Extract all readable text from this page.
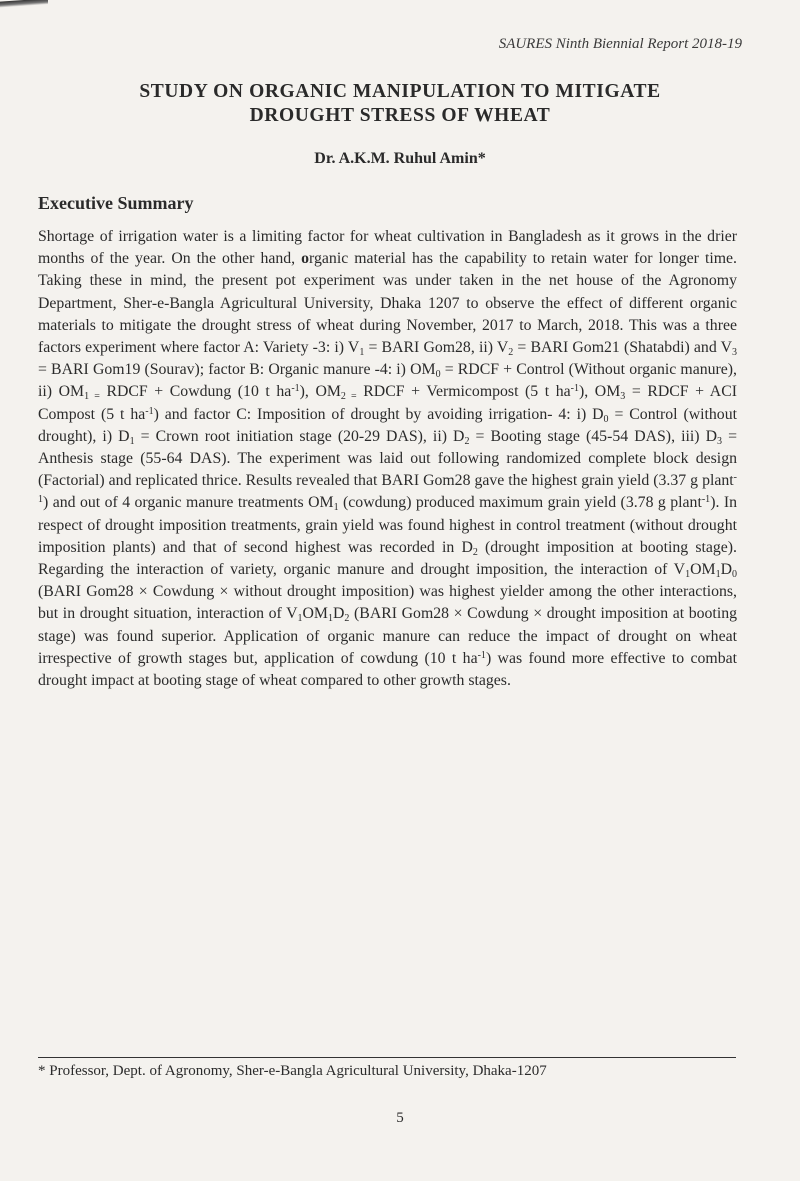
SAURES Ninth Biennial Report 2018-19
STUDY ON ORGANIC MANIPULATION TO MITIGATE
DROUGHT STRESS OF WHEAT
Dr. A.K.M. Ruhul Amin*
Executive Summary

Shortage of irrigation water is a limiting factor for wheat cultivation in Bangladesh as it grows in the drier months of the year. On the other hand, organic material has the capability to retain water for longer time. Taking these in mind, the present pot experiment was under taken in the net house of the Agronomy Department, Sher-e-Bangla Agricultural University, Dhaka 1207 to observe the effect of different organic materials to mitigate the drought stress of wheat during November, 2017 to March, 2018. This was a three factors experiment where factor A: Variety -3: i) $V_1$ = BARI Gom28, ii) $V_2$ = BARI Gom21 (Shatabdi) and $V_3$ = BARI Gom19 (Sourav); factor B: Organic manure -4: i) $OM_0$ = RDCF + Control (Without organic manure), ii) $OM_{1 =}$ RDCF + Cowdung (10 t $ha^{-1}$), $OM_{2 =}$ RDCF + Vermicompost (5 t $ha^{-1}$), $OM_3$ = RDCF + ACI Compost (5 t $ha^{-1}$) and factor C: Imposition of drought by avoiding irrigation- 4: i) $D_0$ = Control (without drought), i) $D_1$ = Crown root initiation stage (20-29 DAS), ii) $D_2$ = Booting stage (45-54 DAS), iii) $D_3$ = Anthesis stage (55-64 DAS). The experiment was laid out following randomized complete block design (Factorial) and replicated thrice. Results revealed that BARI Gom28 gave the highest grain yield (3.37 g plant$^{-1}$) and out of 4 organic manure treatments $OM_1$ (cowdung) produced maximum grain yield (3.78 g plant$^{-1}$). In respect of drought imposition treatments, grain yield was found highest in control treatment (without drought imposition plants) and that of second highest was recorded in $D_2$ (drought imposition at booting stage). Regarding the interaction of variety, organic manure and drought imposition, the interaction of $V_1OM_1D_0$ (BARI Gom28 × Cowdung × without drought imposition) was highest yielder among the other interactions, but in drought situation, interaction of $V_1OM_1D_2$ (BARI Gom28 × Cowdung × drought imposition at booting stage) was found superior. Application of organic manure can reduce the impact of drought on wheat irrespective of growth stages but, application of cowdung (10 t $ha^{-1}$) was found more effective to combat drought impact at booting stage of wheat compared to other growth stages.

* Professor, Dept. of Agronomy, Sher-e-Bangla Agricultural University, Dhaka-1207
5
